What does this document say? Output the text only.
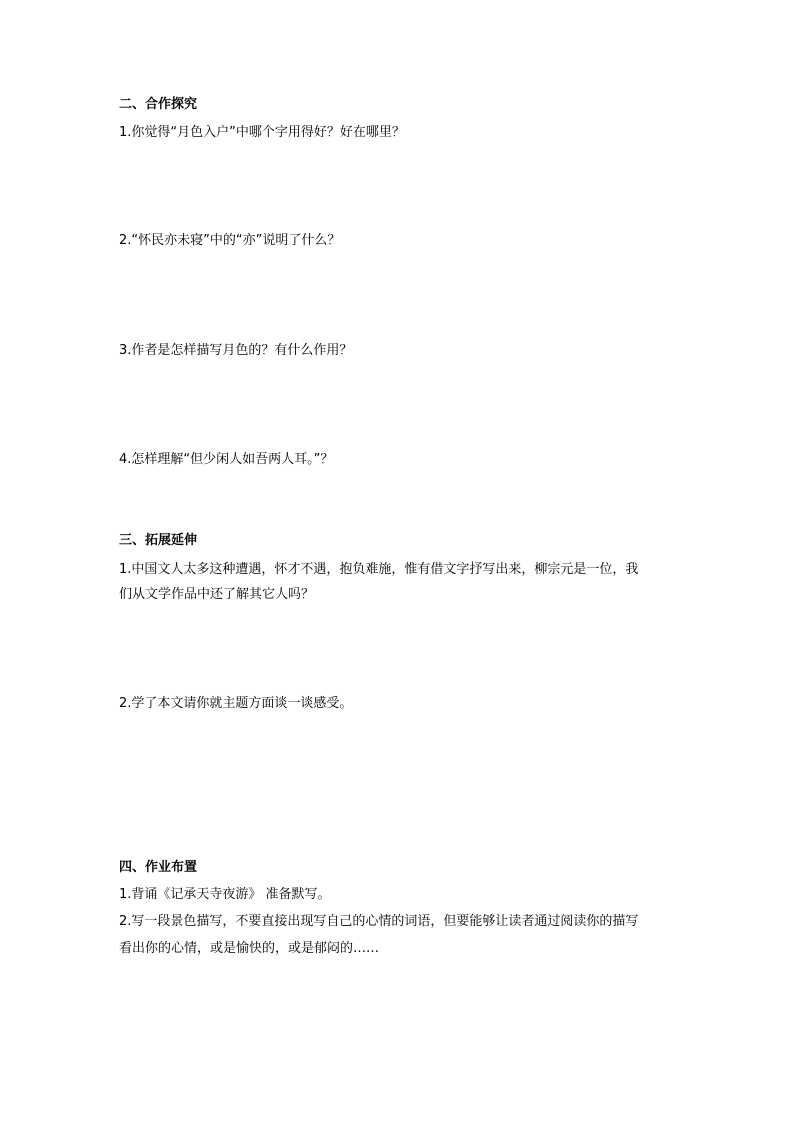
二、合作探究
1.你觉得“月色入户”中哪个字用得好？好在哪里？
2.“怀民亦未寝”中的“亦”说明了什么？
3.作者是怎样描写月色的？有什么作用？
4.怎样理解“但少闲人如吾两人耳。”？
三、拓展延伸
1.中国文人太多这种遭遇，怀才不遇，抱负难施，惟有借文字抒写出来，柳宗元是一位，我
们从文学作品中还了解其它人吗？
2.学了本文请你就主题方面谈一谈感受。
四、作业布置
1.背诵《记承天寺夜游》 准备默写。
2.写一段景色描写，不要直接出现写自己的心情的词语，但要能够让读者通过阅读你的描写
看出你的心情，或是愉快的，或是郁闷的……
